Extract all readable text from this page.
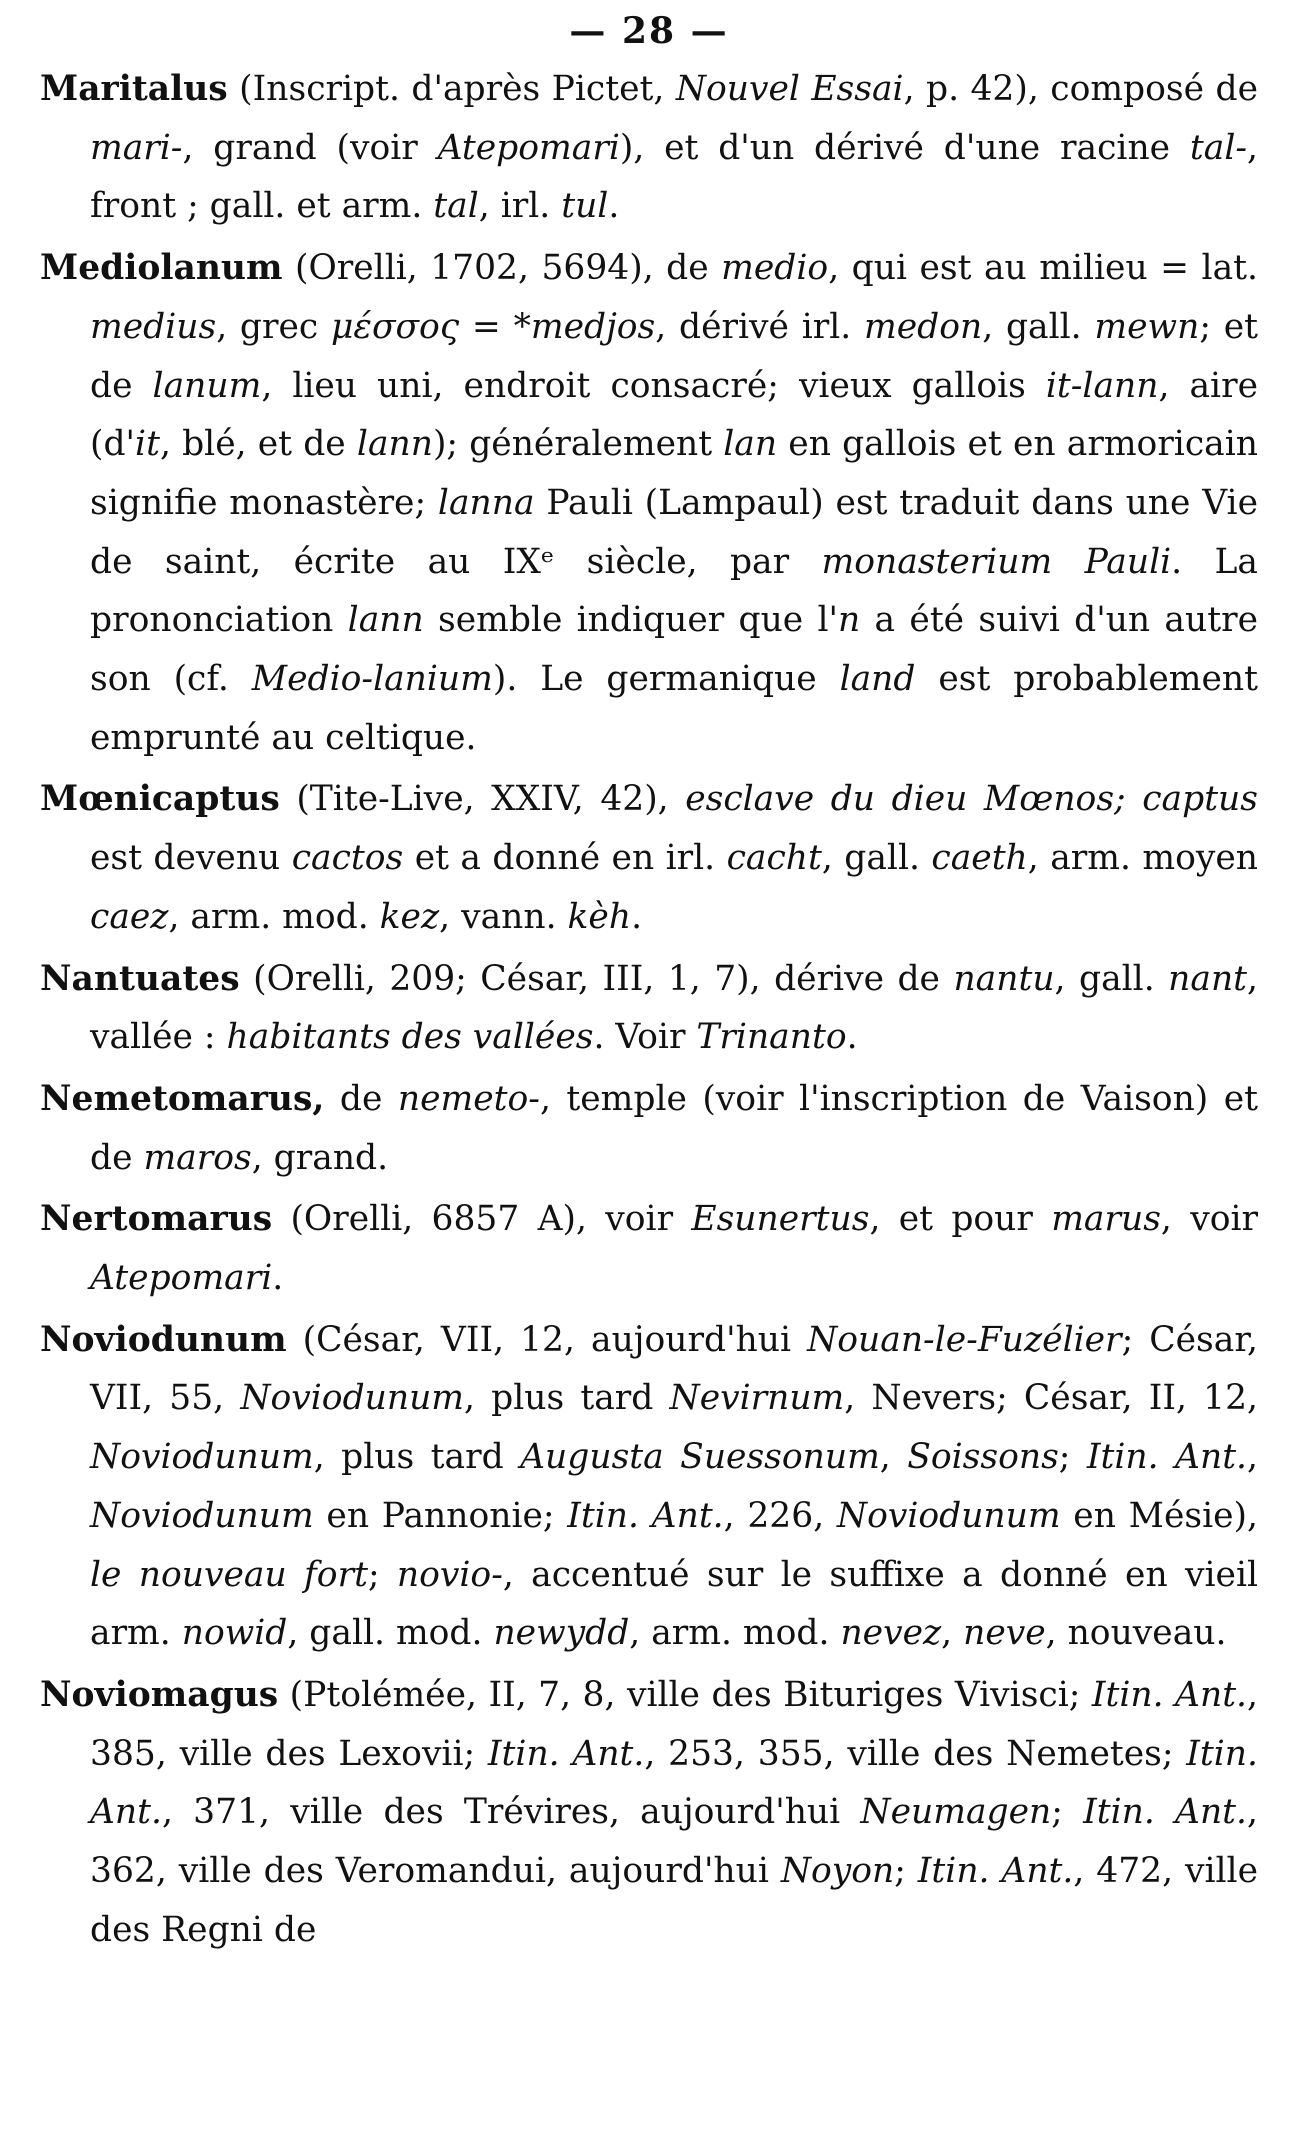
— 28 —

Maritalus (Inscript. d'après Pictet, Nouvel Essai, p. 42), composé de mari-, grand (voir Atepomari), et d'un dérivé d'une racine tal-, front ; gall. et arm. tal, irl. tul.

Mediolanum (Orelli, 1702, 5694), de medio, qui est au milieu = lat. medius, grec μέσσος = *medjos, dérivé irl. medon, gall. mewn; et de lanum, lieu uni, endroit consacré; vieux gallois it-lann, aire (d'it, blé, et de lann); généralement lan en gallois et en armoricain signifie monastère; lanna Pauli (Lampaul) est traduit dans une Vie de saint, écrite au IXᵉ siècle, par monasterium Pauli. La prononciation lann semble indiquer que l'n a été suivi d'un autre son (cf. Medio-lanium). Le germanique land est probablement emprunté au celtique.

Mœnicaptus (Tite-Live, XXIV, 42), esclave du dieu Mœnos; captus est devenu cactos et a donné en irl. cacht, gall. caeth, arm. moyen caez, arm. mod. kez, vann. kèh.

Nantuates (Orelli, 209; César, III, 1, 7), dérive de nantu, gall. nant, vallée : habitants des vallées. Voir Trinanto.

Nemetomarus, de nemeto-, temple (voir l'inscription de Vaison) et de maros, grand.

Nertomarus (Orelli, 6857 A), voir Esunertus, et pour marus, voir Atepomari.

Noviodunum (César, VII, 12, aujourd'hui Nouan-le-Fuzélier; César, VII, 55, Noviodunum, plus tard Nevirnum, Nevers; César, II, 12, Noviodunum, plus tard Augusta Suessonum, Soissons; Itin. Ant., Noviodunum en Pannonie; Itin. Ant., 226, Noviodunum en Mésie), le nouveau fort; novio-, accentué sur le suffixe a donné en vieil arm. nowid, gall. mod. newydd, arm. mod. nevez, neve, nouveau.

Noviomagus (Ptolémée, II, 7, 8, ville des Bituriges Vivisci; Itin. Ant., 385, ville des Lexovii; Itin. Ant., 253, 355, ville des Nemetes; Itin. Ant., 371, ville des Trévires, aujourd'hui Neumagen; Itin. Ant., 362, ville des Veromandui, aujourd'hui Noyon; Itin. Ant., 472, ville des Regni de
